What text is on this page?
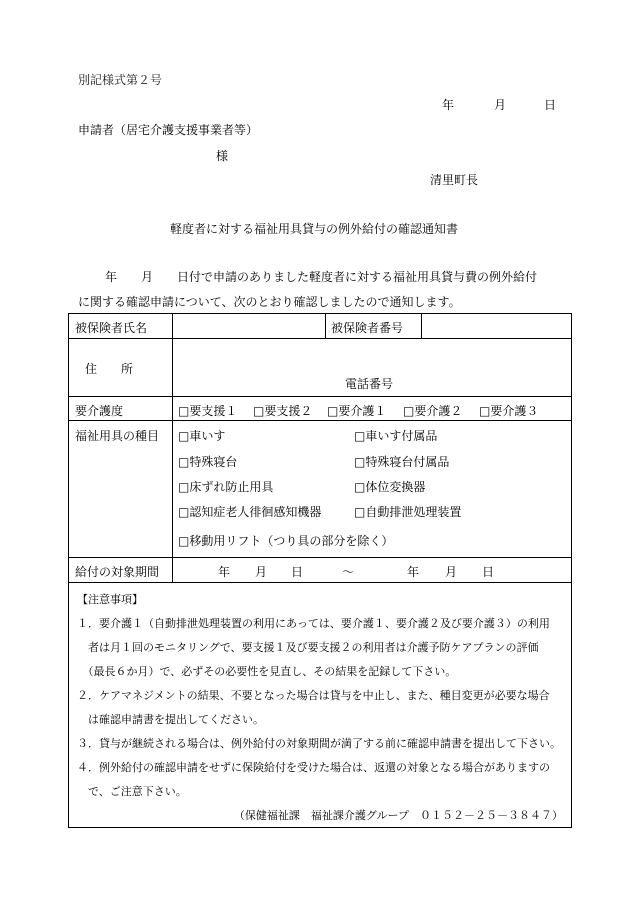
別記様式第２号
年	月	日
申請者（居宅介護支援事業者等）
様
清里町長
軽度者に対する福祉用具貸与の例外給付の確認通知書
年 月 日付で申請のありました軽度者に対する福祉用具貸与費の例外給付
に関する確認申請について、次のとおり確認しましたので通知します。
被保険者氏名	被保険者番号
住　　所
電話番号
要介護度	□要支援１ □要支援２ □要介護１ □要介護２ □要介護３
福祉用具の種目 □車いす	□車いす付属品
□特殊寝台	□特殊寝台付属品
□床ずれ防止用具	□体位変換器
□認知症老人徘徊感知機器	□自動排泄処理装置
□移動用リフト（つり具の部分を除く）
給付の対象期間	年 月 日	～	年 月 日
【注意事項】
１．要介護１（自動排泄処理装置の利用にあっては、要介護１、要介護２及び要介護３）の利用
　者は月１回のモニタリングで、要支援１及び要支援２の利用者は介護予防ケアプランの評価
　（最長６か月）で、必ずその必要性を見直し、その結果を記録して下さい。
２．ケアマネジメントの結果、不要となった場合は貸与を中止し、また、種目変更が必要な場合
　は確認申請書を提出してください。
３．貸与が継続される場合は、例外給付の対象期間が満了する前に確認申請書を提出して下さい。
４．例外給付の確認申請をせずに保険給付を受けた場合は、返還の対象となる場合がありますの
　で、ご注意下さい。
（保健福祉課　福祉課介護グループ　０１５２－２５－３８４７）
